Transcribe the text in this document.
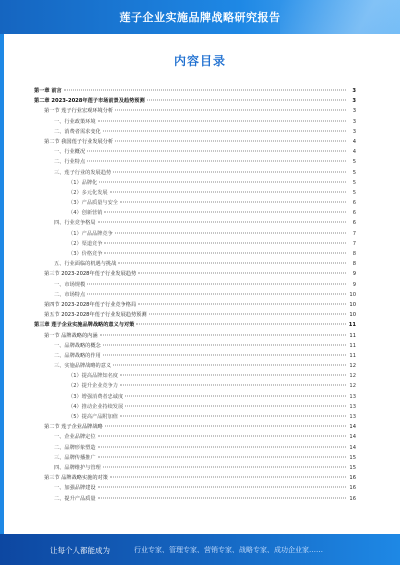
莲子企业实施品牌战略研究报告
内容目录
第一章 前言	3
第二章 2023-2028年莲子市场前景及趋势预测	3
第一节 莲子行业宏观环境分析	3
一、行业政策环境	3
二、消费者需求变化	3
第二节 我国莲子行业发展分析	4
一、行业概况	4
二、行业特点	5
三、莲子行业的发展趋势	5
（1）品牌化	5
（2）多元化发展	5
（3）产品质量与安全	6
（4）创新营销	6
四、行业竞争格局	6
（1）产品品牌竞争	7
（2）渠道竞争	7
（3）价格竞争	8
五、行业面临的机遇与挑战	8
第三节 2023-2028年莲子行业发展趋势	9
一、市场规模	9
二、市场特点	10
第四节 2023-2028年莲子行业竞争格局	10
第五节 2023-2028年莲子行业发展趋势预测	10
第三章 莲子企业实施品牌战略的意义与对策	11
第一节 品牌战略的内涵	11
一、品牌战略的概念	11
二、品牌战略的作用	11
三、实施品牌战略的意义	12
（1）提高品牌知名度	12
（2）提升企业竞争力	12
（3）增强消费者忠诚度	13
（4）推动企业持续发展	13
（5）提高产品附加值	13
第二节 莲子企业品牌战略	14
一、企业品牌定位	14
二、品牌形象塑造	14
三、品牌传播推广	15
四、品牌维护与管理	15
第三节 品牌战略实施的对策	16
一、加强品牌建设	16
二、提升产品质量	16
让每个人都能成为	行业专家、管理专家、营销专家、战略专家、成功企业家……
